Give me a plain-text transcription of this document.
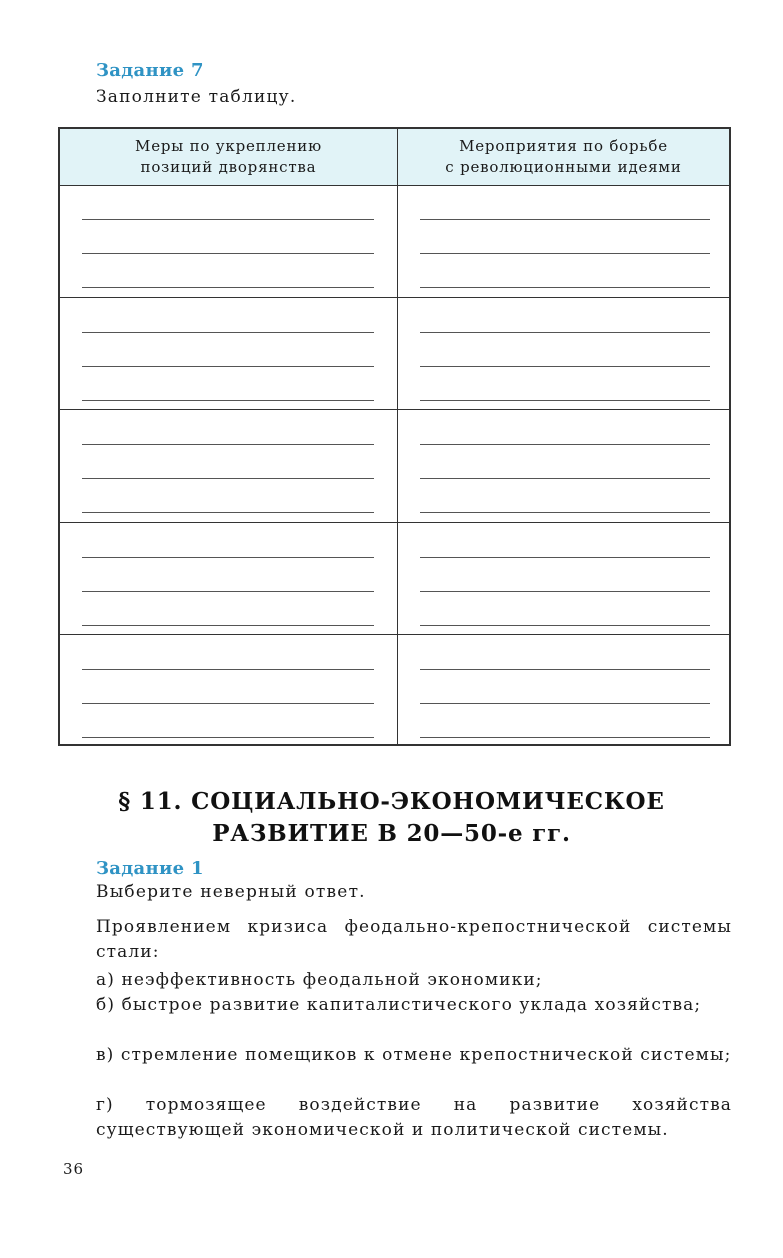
Задание 7
Заполните таблицу.
Меры по укреплению
позиций дворянства
Мероприятия по борьбе
с революционными идеями
§ 11. СОЦИАЛЬНО-ЭКОНОМИЧЕСКОЕ
РАЗВИТИЕ В 20—50-е гг.
Задание 1
Выберите неверный ответ.
Проявлением кризиса феодально-крепостнической системы стали:
а) неэффективность феодальной экономики;
б) быстрое развитие капиталистического уклада хозяйства;
в) стремление помещиков к отмене крепостнической системы;
г) тормозящее воздействие на развитие хозяйства существующей экономической и политической системы.
36
